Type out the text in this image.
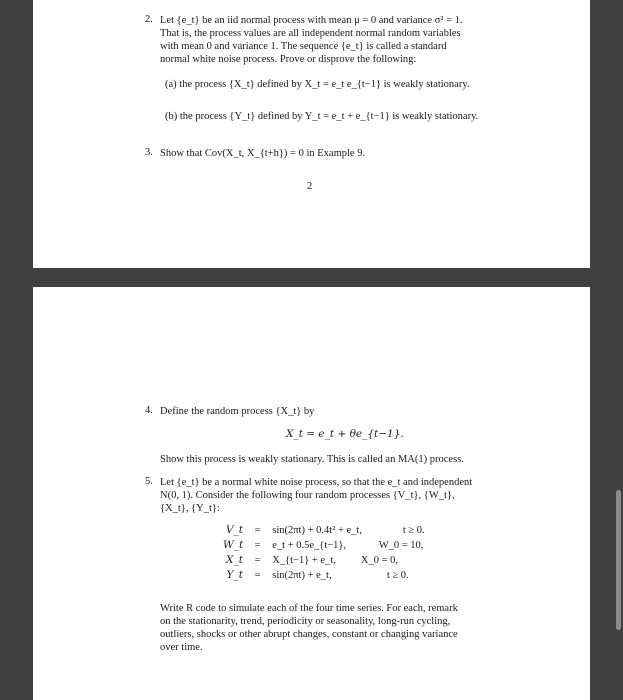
2. Let {e_t} be an iid normal process with mean μ = 0 and variance σ² = 1.
That is, the process values are all independent normal random variables
with mean 0 and variance 1. The sequence {e_t} is called a standard
normal white noise process. Prove or disprove the following:
(a) the process {X_t} defined by X_t = e_t e_{t−1} is weakly stationary.
(b) the process {Y_t} defined by Y_t = e_t + e_{t−1} is weakly stationary.
3. Show that Cov(X_t, X_{t+h}) = 0 in Example 9.
2
4. Define the random process {X_t} by
X_t = e_t + θe_{t−1}.
Show this process is weakly stationary. This is called an MA(1) process.
5. Let {e_t} be a normal white noise process, so that the e_t and independent
N(0, 1). Consider the following four random processes {V_t}, {W_t},
{X_t}, {Y_t}:
V_t = sin(2πt) + 0.4t² + e_t,	t ≥ 0.
W_t = e_t + 0.5e_{t−1},	W_0 = 10,
X_t = X_{t−1} + e_t, X_0 = 0,
Y_t = sin(2πt) + e_t,	t ≥ 0.
Write R code to simulate each of the four time series. For each, remark
on the stationarity, trend, periodicity or seasonality, long-run cycling,
outliers, shocks or other abrupt changes, constant or changing variance
over time.
